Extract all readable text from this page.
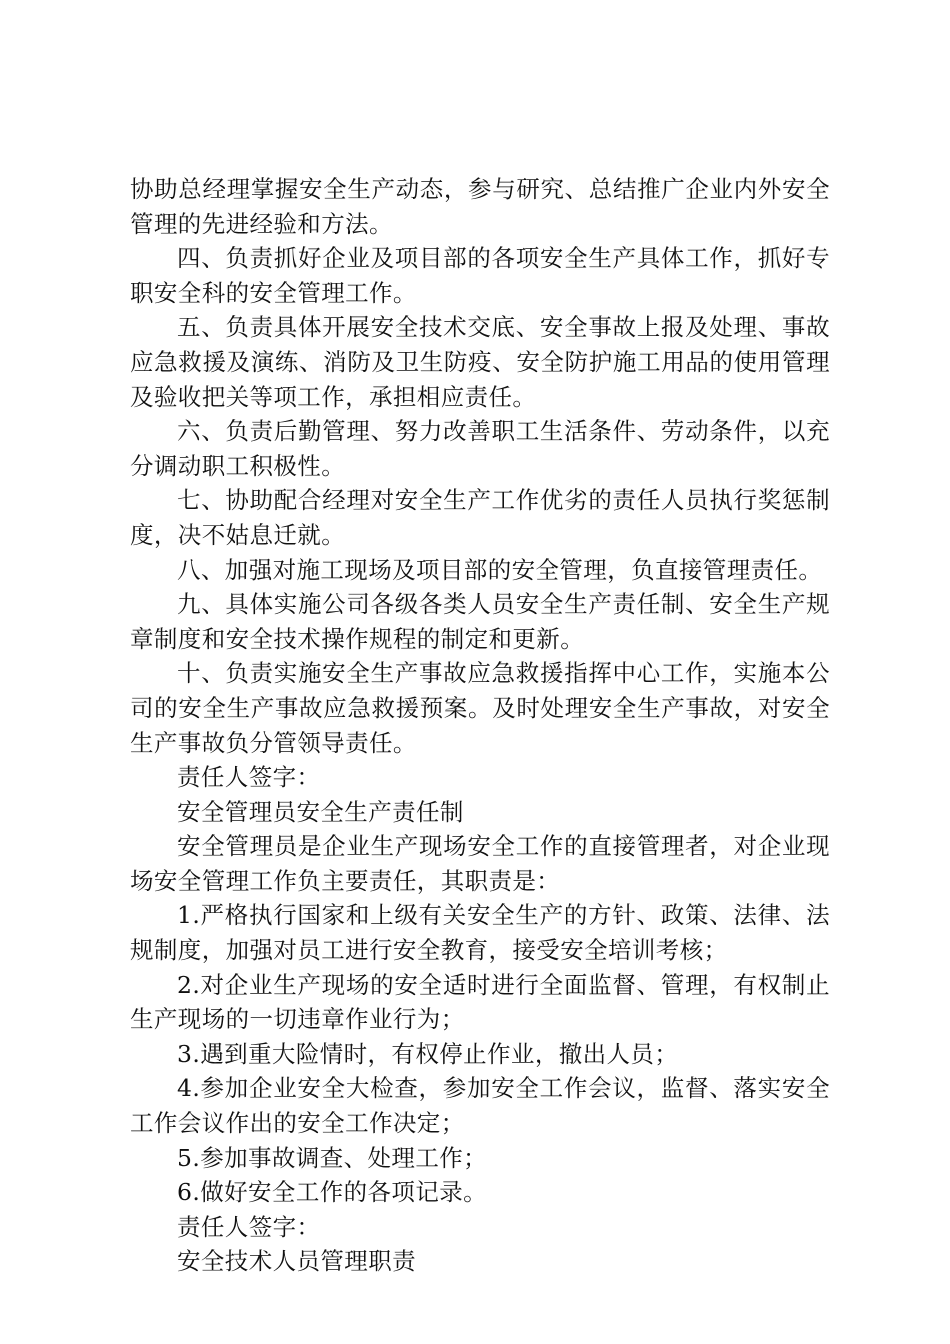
协助总经理掌握安全生产动态，参与研究、总结推广企业内外安全管理的先进经验和方法。

四、负责抓好企业及项目部的各项安全生产具体工作，抓好专职安全科的安全管理工作。

五、负责具体开展安全技术交底、安全事故上报及处理、事故应急救援及演练、消防及卫生防疫、安全防护施工用品的使用管理及验收把关等项工作，承担相应责任。

六、负责后勤管理、努力改善职工生活条件、劳动条件，以充分调动职工积极性。

七、协助配合经理对安全生产工作优劣的责任人员执行奖惩制度，决不姑息迁就。

八、加强对施工现场及项目部的安全管理，负直接管理责任。

九、具体实施公司各级各类人员安全生产责任制、安全生产规章制度和安全技术操作规程的制定和更新。

十、负责实施安全生产事故应急救援指挥中心工作，实施本公司的安全生产事故应急救援预案。及时处理安全生产事故，对安全生产事故负分管领导责任。

责任人签字：

安全管理员安全生产责任制

安全管理员是企业生产现场安全工作的直接管理者，对企业现场安全管理工作负主要责任，其职责是：

1.严格执行国家和上级有关安全生产的方针、政策、法律、法规制度，加强对员工进行安全教育，接受安全培训考核；

2.对企业生产现场的安全适时进行全面监督、管理，有权制止生产现场的一切违章作业行为；

3.遇到重大险情时，有权停止作业，撤出人员；

4.参加企业安全大检查，参加安全工作会议，监督、落实安全工作会议作出的安全工作决定；

5.参加事故调查、处理工作；

6.做好安全工作的各项记录。

责任人签字：

安全技术人员管理职责
